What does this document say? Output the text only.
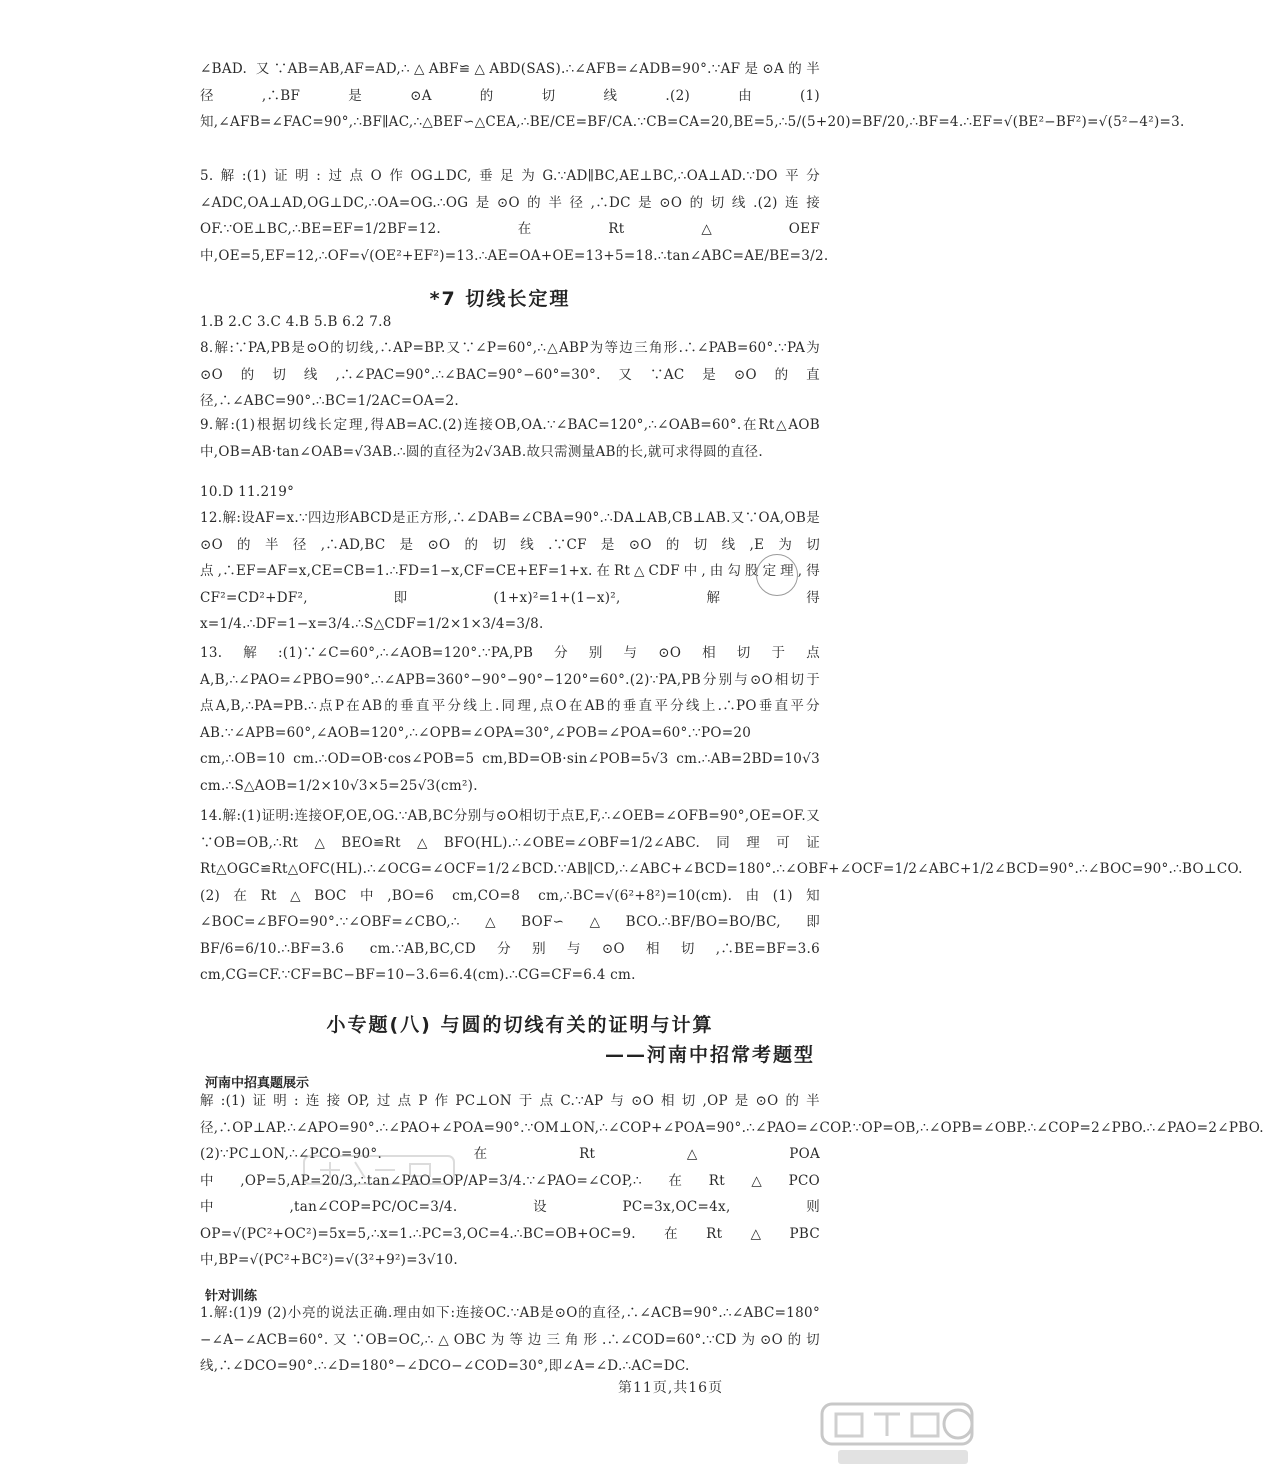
∠BAD. 又∵AB=AB,AF=AD,∴△ABF≌△ABD(SAS).∴∠AFB=∠ADB=90°.∵AF是⊙A的半径,∴BF是⊙A的切线.(2)由(1)知,∠AFB=∠FAC=90°,∴BF∥AC,∴△BEF∽△CEA,∴BE/CE=BF/CA.∵CB=CA=20,BE=5,∴5/(5+20)=BF/20,∴BF=4.∴EF=√(BE²−BF²)=√(5²−4²)=3.

5.解:(1)证明:过点O作OG⊥DC,垂足为G.∵AD∥BC,AE⊥BC,∴OA⊥AD.∵DO平分∠ADC,OA⊥AD,OG⊥DC,∴OA=OG.∴OG是⊙O的半径,∴DC是⊙O的切线.(2)连接OF.∵OE⊥BC,∴BE=EF=1/2BF=12.在Rt△OEF中,OE=5,EF=12,∴OF=√(OE²+EF²)=13.∴AE=OA+OE=13+5=18.∴tan∠ABC=AE/BE=3/2.

*7 切线长定理

1.B 2.C 3.C 4.B 5.B 6.2 7.8

8.解:∵PA,PB是⊙O的切线,∴AP=BP.又∵∠P=60°,∴△ABP为等边三角形.∴∠PAB=60°.∵PA为⊙O的切线,∴∠PAC=90°.∴∠BAC=90°−60°=30°.又∵AC是⊙O的直径,∴∠ABC=90°.∴BC=1/2AC=OA=2.

9.解:(1)根据切线长定理,得AB=AC.(2)连接OB,OA.∵∠BAC=120°,∴∠OAB=60°.在Rt△AOB中,OB=AB·tan∠OAB=√3AB.∴圆的直径为2√3AB.故只需测量AB的长,就可求得圆的直径.

10.D 11.219°

12.解:设AF=x.∵四边形ABCD是正方形,∴∠DAB=∠CBA=90°.∴DA⊥AB,CB⊥AB.又∵OA,OB是⊙O的半径,∴AD,BC是⊙O的切线.∵CF是⊙O的切线,E为切点,∴EF=AF=x,CE=CB=1.∴FD=1−x,CF=CE+EF=1+x.在Rt△CDF中,由勾股定理,得CF²=CD²+DF²,即(1+x)²=1+(1−x)²,解得x=1/4.∴DF=1−x=3/4.∴S△CDF=1/2×1×3/4=3/8.

13.解:(1)∵∠C=60°,∴∠AOB=120°.∵PA,PB分别与⊙O相切于点A,B,∴∠PAO=∠PBO=90°.∴∠APB=360°−90°−90°−120°=60°.(2)∵PA,PB分别与⊙O相切于点A,B,∴PA=PB.∴点P在AB的垂直平分线上.同理,点O在AB的垂直平分线上.∴PO垂直平分AB.∵∠APB=60°,∠AOB=120°,∴∠OPB=∠OPA=30°,∠POB=∠POA=60°.∵PO=20 cm,∴OB=10 cm.∴OD=OB·cos∠POB=5 cm,BD=OB·sin∠POB=5√3 cm.∴AB=2BD=10√3 cm.∴S△AOB=1/2×10√3×5=25√3(cm²).

14.解:(1)证明:连接OF,OE,OG.∵AB,BC分别与⊙O相切于点E,F,∴∠OEB=∠OFB=90°,OE=OF.又∵OB=OB,∴Rt△BEO≌Rt△BFO(HL).∴∠OBE=∠OBF=1/2∠ABC.同理可证Rt△OGC≌Rt△OFC(HL).∴∠OCG=∠OCF=1/2∠BCD.∵AB∥CD,∴∠ABC+∠BCD=180°.∴∠OBF+∠OCF=1/2∠ABC+1/2∠BCD=90°.∴∠BOC=90°.∴BO⊥CO.(2)在Rt△BOC中,BO=6 cm,CO=8 cm,∴BC=√(6²+8²)=10(cm).由(1)知∠BOC=∠BFO=90°.∵∠OBF=∠CBO,∴△BOF∽△BCO.∴BF/BO=BO/BC,即BF/6=6/10.∴BF=3.6 cm.∵AB,BC,CD分别与⊙O相切,∴BE=BF=3.6 cm,CG=CF.∵CF=BC−BF=10−3.6=6.4(cm).∴CG=CF=6.4 cm.

小专题(八) 与圆的切线有关的证明与计算
——河南中招常考题型
河南中招真题展示

解:(1)证明:连接OP,过点P作PC⊥ON于点C.∵AP与⊙O相切,OP是⊙O的半径,∴OP⊥AP.∴∠APO=90°.∴∠PAO+∠POA=90°.∵OM⊥ON,∴∠COP+∠POA=90°.∴∠PAO=∠COP.∵OP=OB,∴∠OPB=∠OBP.∴∠COP=2∠PBO.∴∠PAO=2∠PBO.(2)∵PC⊥ON,∴∠PCO=90°.在Rt△POA中,OP=5,AP=20/3,∴tan∠PAO=OP/AP=3/4.∵∠PAO=∠COP,∴在Rt△PCO中,tan∠COP=PC/OC=3/4.设PC=3x,OC=4x,则OP=√(PC²+OC²)=5x=5,∴x=1.∴PC=3,OC=4.∴BC=OB+OC=9.在Rt△PBC中,BP=√(PC²+BC²)=√(3²+9²)=3√10.

针对训练

1.解:(1)9 (2)小亮的说法正确.理由如下:连接OC.∵AB是⊙O的直径,∴∠ACB=90°.∴∠ABC=180°−∠A−∠ACB=60°.又∵OB=OC,∴△OBC为等边三角形.∴∠COD=60°.∵CD为⊙O的切线,∴∠DCO=90°.∴∠D=180°−∠DCO−∠COD=30°,即∠A=∠D.∴AC=DC.

第11页,共16页
